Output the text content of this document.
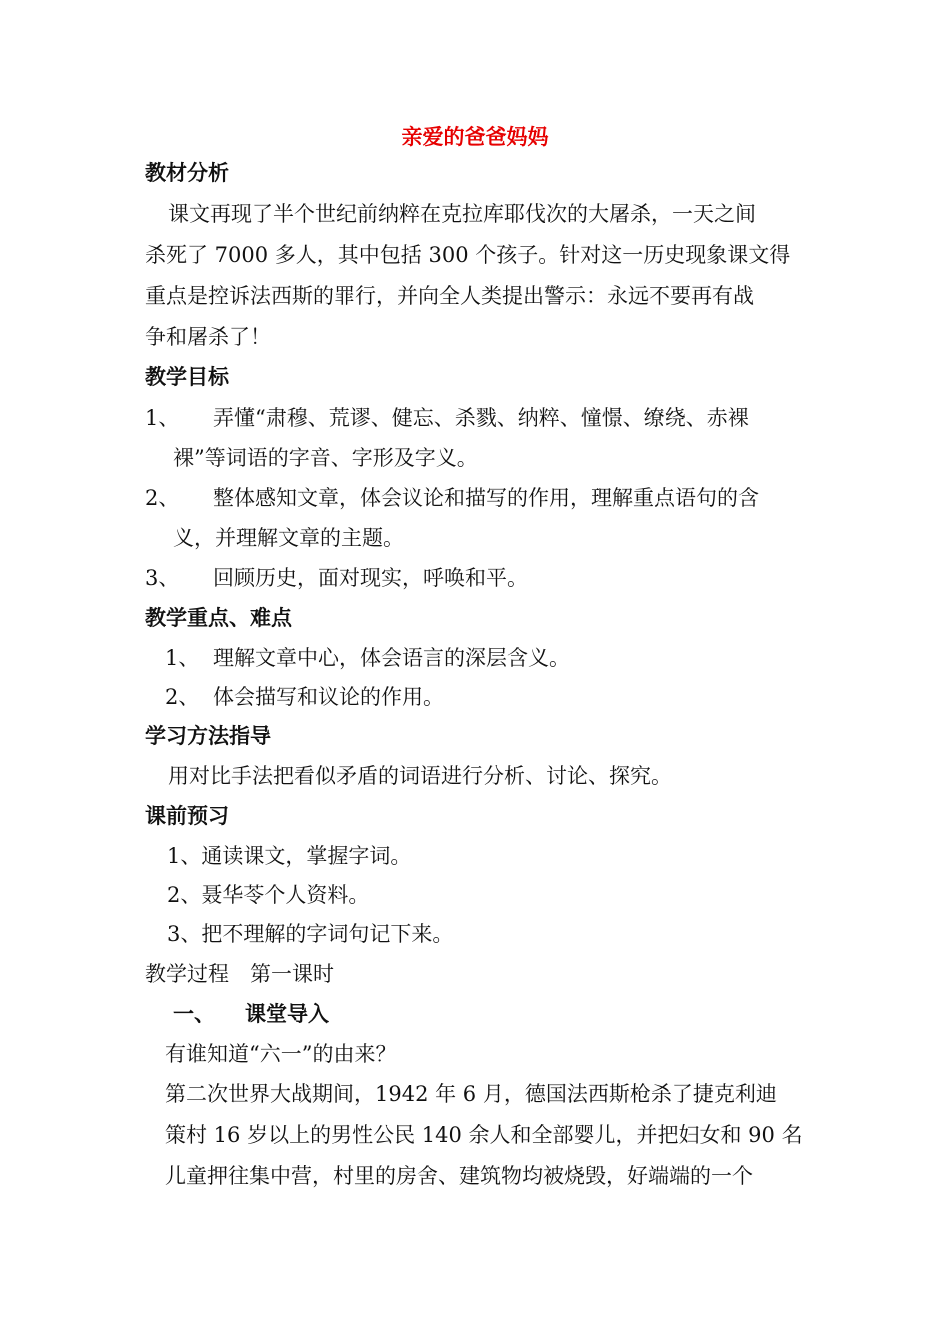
亲爱的爸爸妈妈
教材分析
课文再现了半个世纪前纳粹在克拉库耶伐次的大屠杀，一天之间
杀死了 7000 多人，其中包括 300 个孩子。针对这一历史现象课文得
重点是控诉法西斯的罪行，并向全人类提出警示：永远不要再有战
争和屠杀了！
教学目标
1、 弄懂“肃穆、荒谬、健忘、杀戮、纳粹、憧憬、缭绕、赤裸
裸”等词语的字音、字形及字义。
2、 整体感知文章，体会议论和描写的作用，理解重点语句的含
义，并理解文章的主题。
3、 回顾历史，面对现实，呼唤和平。
教学重点、难点
1、 理解文章中心，体会语言的深层含义。
2、 体会描写和议论的作用。
学习方法指导
用对比手法把看似矛盾的词语进行分析、讨论、探究。
课前预习
1、通读课文，掌握字词。
2、聂华苓个人资料。
3、把不理解的字词句记下来。
教学过程　第一课时
一、 课堂导入
有谁知道“六一”的由来？
第二次世界大战期间，1942 年 6 月，德国法西斯枪杀了捷克利迪
策村 16 岁以上的男性公民 140 余人和全部婴儿，并把妇女和 90 名
儿童押往集中营，村里的房舍、建筑物均被烧毁，好端端的一个
